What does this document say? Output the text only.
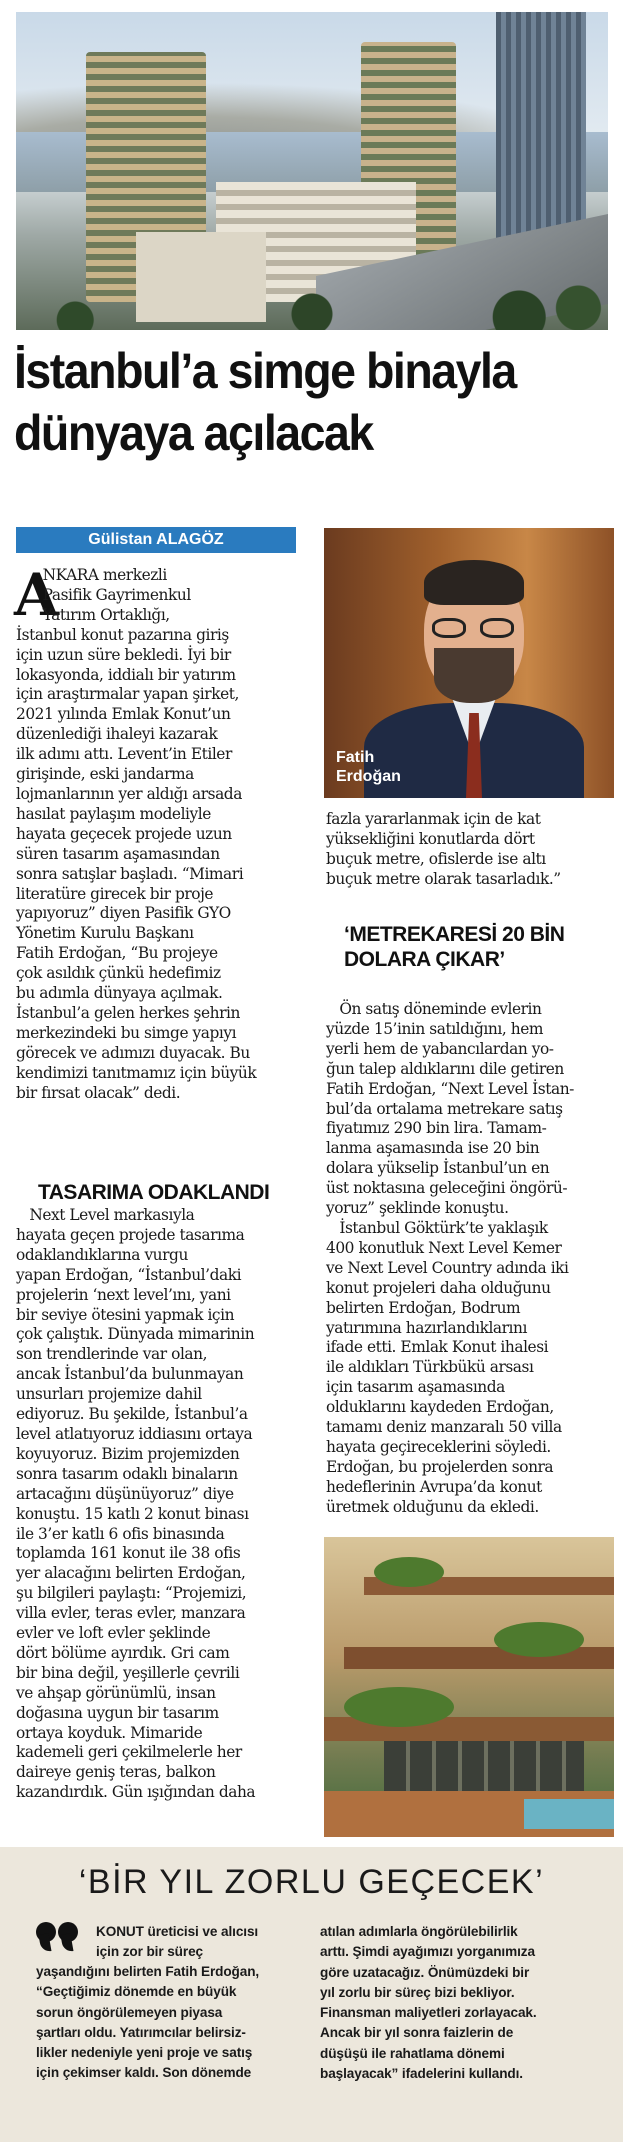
İstanbul’a simge binayla
dünyaya açılacak
Gülistan ALAGÖZ
A
NKARA merkezli
Pasifik Gayrimenkul
Yatırım Ortaklığı,
İstanbul konut pazarına giriş
için uzun süre bekledi. İyi bir
lokasyonda, iddialı bir yatırım
için araştırmalar yapan şirket,
2021 yılında Emlak Konut’un
düzenlediği ihaleyi kazarak
ilk adımı attı. Levent’in Etiler
girişinde, eski jandarma
lojmanlarının yer aldığı arsada
hasılat paylaşım modeliyle
hayata geçecek projede uzun
süren tasarım aşamasından
sonra satışlar başladı. “Mimari
literatüre girecek bir proje
yapıyoruz” diyen Pasifik GYO
Yönetim Kurulu Başkanı
Fatih Erdoğan, “Bu projeye
çok asıldık çünkü hedefimiz
bu adımla dünyaya açılmak.
İstanbul’a gelen herkes şehrin
merkezindeki bu simge yapıyı
görecek ve adımızı duyacak. Bu
kendimizi tanıtmamız için büyük
bir fırsat olacak” dedi.
TASARIMA ODAKLANDI
Next Level markasıyla
hayata geçen projede tasarıma
odaklandıklarına vurgu
yapan Erdoğan, “İstanbul’daki
projelerin ‘next level’ını, yani
bir seviye ötesini yapmak için
çok çalıştık. Dünyada mimarinin
son trendlerinde var olan,
ancak İstanbul’da bulunmayan
unsurları projemize dahil
ediyoruz. Bu şekilde, İstanbul’a
level atlatıyoruz iddiasını ortaya
koyuyoruz. Bizim projemizden
sonra tasarım odaklı binaların
artacağını düşünüyoruz” diye
konuştu. 15 katlı 2 konut binası
ile 3’er katlı 6 ofis binasında
toplamda 161 konut ile 38 ofis
yer alacağını belirten Erdoğan,
şu bilgileri paylaştı: “Projemizi,
villa evler, teras evler, manzara
evler ve loft evler şeklinde
dört bölüme ayırdık. Gri cam
bir bina değil, yeşillerle çevrili
ve ahşap görünümlü, insan
doğasına uygun bir tasarım
ortaya koyduk. Mimaride
kademeli geri çekilmelerle her
daireye geniş teras, balkon
kazandırdık. Gün ışığından daha
Fatih
Erdoğan
fazla yararlanmak için de kat
yüksekliğini konutlarda dört
buçuk metre, ofislerde ise altı
buçuk metre olarak tasarladık.”
‘METREKARESİ 20 BİN
DOLARA ÇIKAR’
Ön satış döneminde evlerin
yüzde 15’inin satıldığını, hem
yerli hem de yabancılardan yo-
ğun talep aldıklarını dile getiren
Fatih Erdoğan, “Next Level İstan-
bul’da ortalama metrekare satış
fiyatımız 290 bin lira. Tamam-
lanma aşamasında ise 20 bin
dolara yükselip İstanbul’un en
üst noktasına geleceğini öngörü-
yoruz” şeklinde konuştu.
İstanbul Göktürk’te yaklaşık
400 konutluk Next Level Kemer
ve Next Level Country adında iki
konut projeleri daha olduğunu
belirten Erdoğan, Bodrum
yatırımına hazırlandıklarını
ifade etti. Emlak Konut ihalesi
ile aldıkları Türkbükü arsası
için tasarım aşamasında
olduklarını kaydeden Erdoğan,
tamamı deniz manzaralı 50 villa
hayata geçireceklerini söyledi.
Erdoğan, bu projelerden sonra
hedeflerinin Avrupa’da konut
üretmek olduğunu da ekledi.
‘BİR YIL ZORLU GEÇECEK’
KONUT üreticisi ve alıcısı
için zor bir süreç
yaşandığını belirten Fatih Erdoğan,
“Geçtiğimiz dönemde en büyük
sorun öngörülemeyen piyasa
şartları oldu. Yatırımcılar belirsiz-
likler nedeniyle yeni proje ve satış
için çekimser kaldı. Son dönemde
atılan adımlarla öngörülebilirlik
arttı. Şimdi ayağımızı yorganımıza
göre uzatacağız. Önümüzdeki bir
yıl zorlu bir süreç bizi bekliyor.
Finansman maliyetleri zorlayacak.
Ancak bir yıl sonra faizlerin de
düşüşü ile rahatlama dönemi
başlayacak” ifadelerini kullandı.
